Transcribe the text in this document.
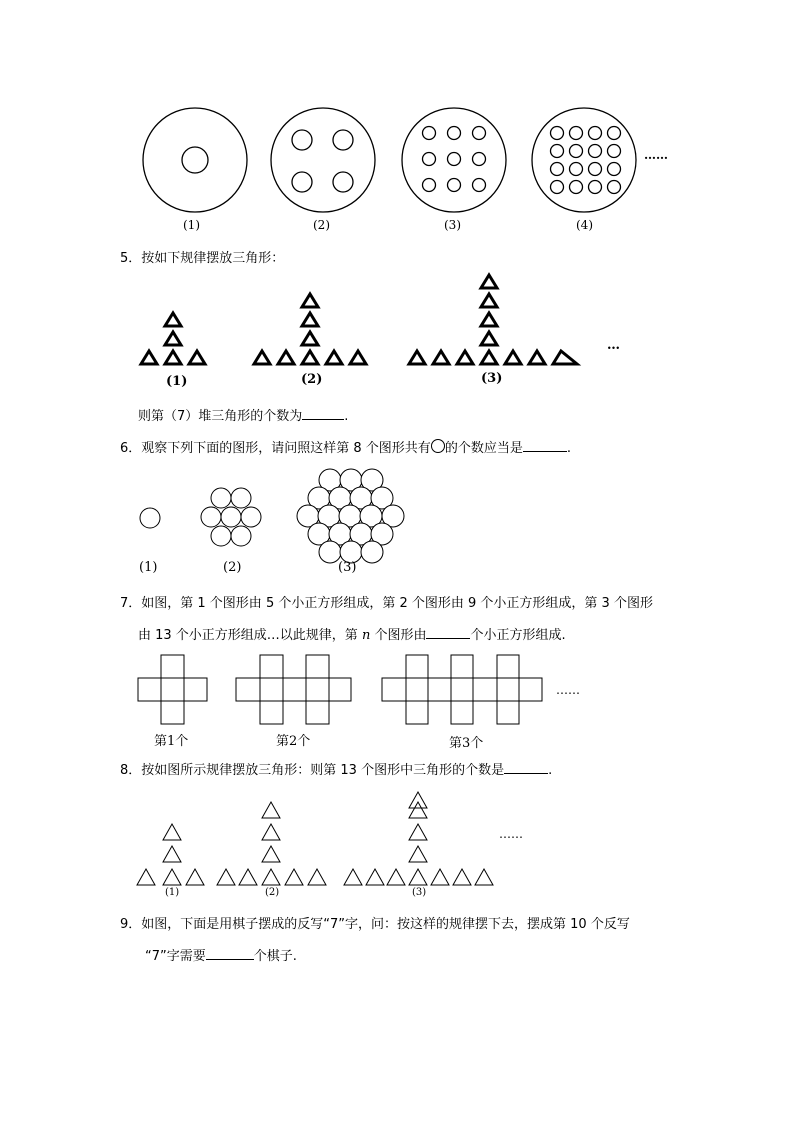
(1)	(2)	(3)	(4)
……
5．按如下规律摆放三角形：
(1)	(2)	(3)
…
则第（7）堆三角形的个数为	.
6．观察下列下面的图形，请问照这样第 8 个图形共有 的个数应当是	.
(1)	(2)	(3)
7．如图，第 1 个图形由 5 个小正方形组成，第 2 个图形由 9 个小正方形组成，第 3 个图形
由 13 个小正方形组成…以此规律，第 n 个图形由	个小正方形组成.
……
第1个	第2个	第3个
8．按如图所示规律摆放三角形：则第 13 个图形中三角形的个数是	.
……
(1)	(2)	(3)
9．如图，下面是用棋子摆成的反写“7”字，问：按这样的规律摆下去，摆成第 10 个反写
“7”字需要	个棋子.
